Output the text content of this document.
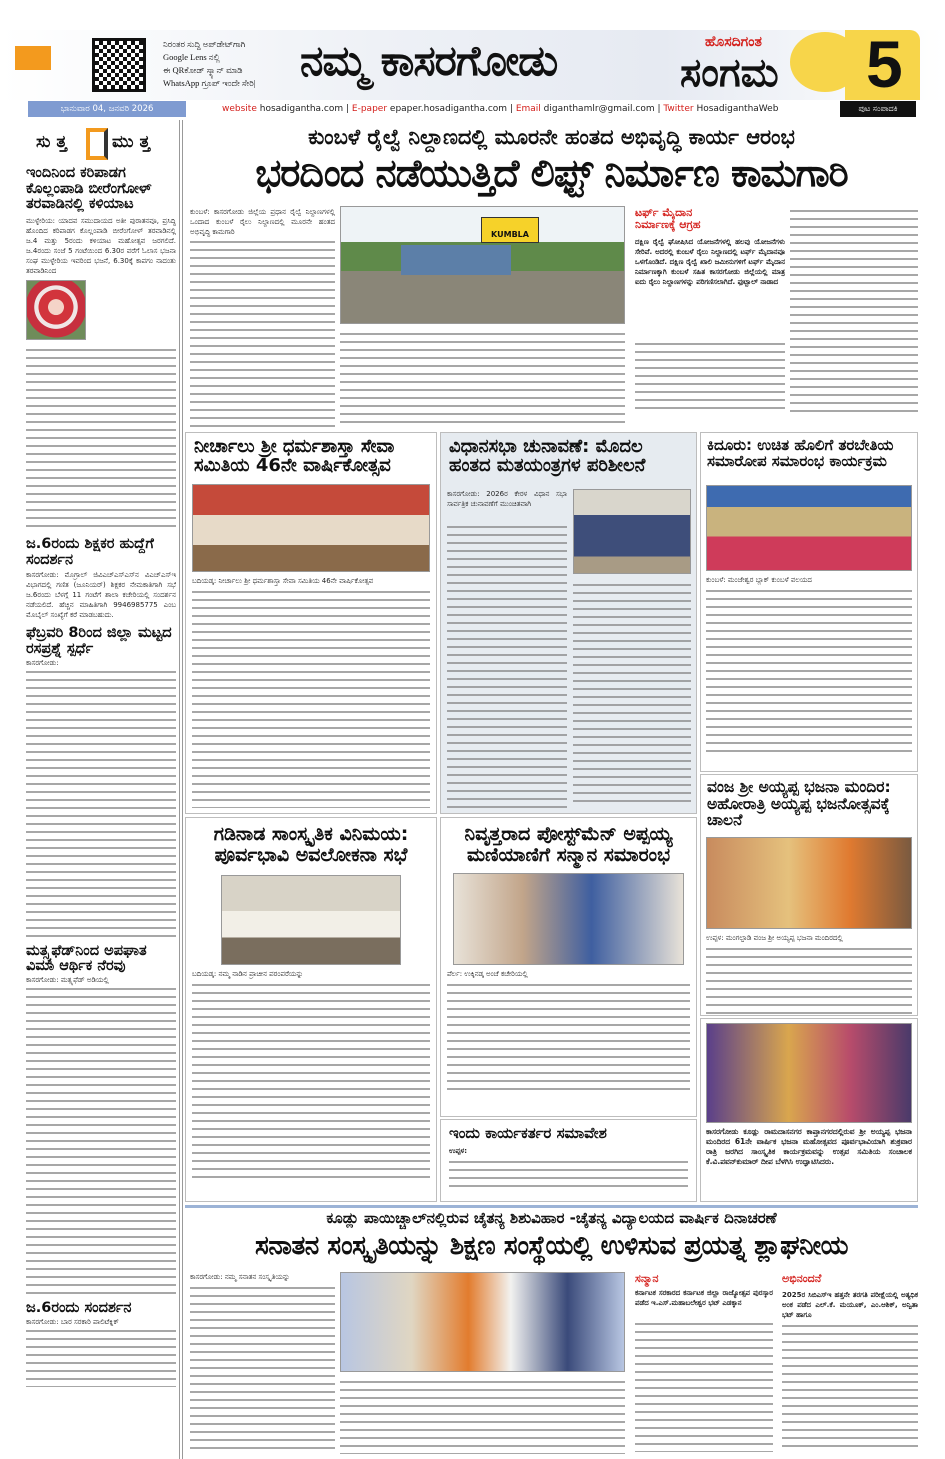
ನಿರಂತರ ಸುದ್ದಿ ಅಪ್‌ಡೇಟ್‌ಗಾಗಿ
Google Lens ನಲ್ಲಿ
ಈ QRಕೋಡ್ ಸ್ಕ್ಯಾನ್ ಮಾಡಿ
WhatsApp ಗ್ರೂಪ್ ಇಂದೇ ಸೇರಿ| ನಮ್ಮ ಕಾಸರಗೋಡು	ಹೊಸದಿಗಂತ
ಸಂಗಮ 5
ಭಾನುವಾರ 04, ಜನವರಿ 2026	website hosadigantha.com | E-paper epaper.hosadigantha.com | Email diganthamlr@gmail.com | Twitter HosadiganthaWeb	ಪುಟ ಸಂಪಾದಕಿ
ಸು ತ್ತ	ಮು ತ್ತ
ಇಂದಿನಿಂದ ಕರಿಪಾಡಗ ಕೊಲ್ಲಂಪಾಡಿ ಬೀರೆಂಗೋಳ್ ತರವಾಡಿನಲ್ಲಿ ಕಳಿಯಾಟ
ಮುಳ್ಳೇರಿಯ: ಯಾದವ ಸಮುದಾಯದ ಅತೀ ಪುರಾತನವೂ, ಪ್ರಸಿದ್ಧಿ ಹೊಂದಿದ ಕರಿಪಾಡಗ ಕೊಲ್ಲಂಪಾಡಿ ಬೀರೆಂಗೋಳ್ ತರವಾಡಿನಲ್ಲಿ ಜ.4 ಮತ್ತು 5ರಂದು ಕಳಿಯಾಟ ಮಹೋತ್ಸವ ಜರಗಲಿದೆ. ಜ.4ರಂದು ಸಂಜೆ 5 ಗಂಟೆಯಿಂದ 6.30ರ ವರೆಗೆ ಓಲಾಸ ಭಜನಾ ಸಂಘ ಮುಳ್ಳೇರಿಯ ಇವರಿಂದ ಭಜನೆ, 6.30ಕ್ಕೆ ಕಾಪಗಂ ನಾದಂತು ತರವಾಡಿನಿಂದ
ಜ.6ರಂದು ಶಿಕ್ಷಕರ ಹುದ್ದೆಗೆ ಸಂದರ್ಶನ
ಕಾಸರಗೋಡು: ಮೊಗ್ರಾಲ್ ಜಿವಿಎಚ್‌ಎಸ್‌ಎಸ್‌ನ ವಿಎಚ್‌ಎಸ್‌ಇ ವಿಭಾಗದಲ್ಲಿ ಗಣಿತ (ಜೂನಿಯರ್) ಶಿಕ್ಷಕರ ನೇಮಕಾತಿಗಾಗಿ ಸಭೆ ಜ.6ರಂದು ಬೆಳಗ್ಗೆ 11 ಗಂಟೆಗೆ ಶಾಲಾ ಕಚೇರಿಯಲ್ಲಿ ಸಂದರ್ಶನ ನಡೆಯಲಿದೆ. ಹೆಚ್ಚಿನ ಮಾಹಿತಿಗಾಗಿ 9946985775 ಎಂಬ ಮೊಬೈಲ್ ಸಂಖ್ಯೆಗೆ ಕರೆ ಮಾಡಬಹುದು.
ಫೆಬ್ರವರಿ 8ರಿಂದ ಜಿಲ್ಲಾ ಮಟ್ಟದ ರಸಪ್ರಶ್ನೆ ಸ್ಪರ್ಧೆ
ಕಾಸರಗೋಡು:
ಮತ್ಸ್ಯಫೆಡ್‌ನಿಂದ ಅಪಘಾತ ವಿಮಾ ಆರ್ಥಿಕ ನೆರವು
ಕಾಸರಗೋಡು: ಮತ್ಸ್ಯಫೆಡ್ ಅಡಿಯಲ್ಲಿ
ಜ.6ರಂದು ಸಂದರ್ಶನ
ಕಾಸರಗೋಡು: ಬಾರ ಸರಕಾರಿ ಪಾಲಿಟೆಕ್ನಿಕ್
ಕುಂಬಳೆ ರೈಲ್ವೆ ನಿಲ್ದಾಣದಲ್ಲಿ ಮೂರನೇ ಹಂತದ ಅಭಿವೃದ್ಧಿ ಕಾರ್ಯ ಆರಂಭ
ಭರದಿಂದ ನಡೆಯುತ್ತಿದೆ ಲಿಫ್ಟ್ ನಿರ್ಮಾಣ ಕಾಮಗಾರಿ
ಕುಂಬಳೆ: ಕಾಸರಗೋಡು ಜಿಲ್ಲೆಯ ಪ್ರಧಾನ ರೈಲ್ವೆ ನಿಲ್ದಾಣಗಳಲ್ಲಿ ಒಂದಾದ ಕುಂಬಳೆ ರೈಲು ನಿಲ್ದಾಣದಲ್ಲಿ ಮೂರನೇ ಹಂತದ ಅಭಿವೃದ್ಧಿ ಕಾಮಗಾರಿ	KUMBLA
ಟರ್ಫ್ ಮೈದಾನ ನಿರ್ಮಾಣಕ್ಕೆ ಆಗ್ರಹ
ದಕ್ಷಿಣ ರೈಲ್ವೆ ಘೋಷಿಸಿದ ಯೋಜನೆಗಳಲ್ಲಿ ಹಲವು ಯೋಜನೆಗಳು ಸೇರಿವೆ. ಅದರಲ್ಲಿ ಕುಂಬಳೆ ರೈಲು ನಿಲ್ದಾಣದಲ್ಲಿ ಟರ್ಫ್ ಮೈದಾನವೂ ಒಳಗೊಂಡಿದೆ. ದಕ್ಷಿಣ ರೈಲ್ವೆ ಖಾಲಿ ಜಮೀನುಗಳಿಗೆ ಟರ್ಫ್ ಮೈದಾನ ನಿರ್ಮಾಣಕ್ಕಾಗಿ ಕುಂಬಳೆ ಸಹಿತ ಕಾಸರಗೋಡು ಜಿಲ್ಲೆಯಲ್ಲಿ ಮಾತ್ರ ಐದು ರೈಲು ನಿಲ್ದಾಣಗಳನ್ನು ಪರಿಗಣಿಸಲಾಗಿದೆ. ಫುಟ್ಬಾಲ್ ನಾಡಾದ
ನೀರ್ಚಾಲು ಶ್ರೀ ಧರ್ಮಶಾಸ್ತಾ ಸೇವಾ ಸಮಿತಿಯ 46ನೇ ವಾರ್ಷಿಕೋತ್ಸವ
ಬದಿಯಡ್ಕ: ನೀರ್ಚಾಲು ಶ್ರೀ ಧರ್ಮಶಾಸ್ತಾ ಸೇವಾ ಸಮಿತಿಯ 46ನೇ ವಾರ್ಷಿಕೋತ್ಸವ
ವಿಧಾನಸಭಾ ಚುನಾವಣೆ: ಮೊದಲ ಹಂತದ ಮತಯಂತ್ರಗಳ ಪರಿಶೀಲನೆ
ಕಾಸರಗೋಡು: 2026ರ ಕೇರಳ ವಿಧಾನ ಸಭಾ ಸಾರ್ವತ್ರಿಕ ಚುನಾವಣೆಗೆ ಮುಂಚಿತವಾಗಿ
ಕಿದೂರು: ಉಚಿತ ಹೊಲಿಗೆ ತರಬೇತಿಯ ಸಮಾರೋಪ ಸಮಾರಂಭ ಕಾರ್ಯಕ್ರಮ
ಕುಂಬಳೆ: ಮಂಜೇಶ್ವರ ಬ್ಲಾಕ್ ಕುಂಬಳೆ ವಲಯದ
ವಂಜ ಶ್ರೀ ಅಯ್ಯಪ್ಪ ಭಜನಾ ಮಂದಿರ: ಅಹೋರಾತ್ರಿ ಅಯ್ಯಪ್ಪ ಭಜನೋತ್ಸವಕ್ಕೆ ಚಾಲನೆ
ಉಪ್ಪಳ: ಮಂಗಲ್ಪಾಡಿ ವಂಜ ಶ್ರೀ ಅಯ್ಯಪ್ಪ ಭಜನಾ ಮಂದಿರದಲ್ಲಿ
ಗಡಿನಾಡ ಸಾಂಸ್ಕೃತಿಕ ವಿನಿಮಯ: ಪೂರ್ವಭಾವಿ ಅವಲೋಕನಾ ಸಭೆ
ಬದಿಯಡ್ಕ: ನಮ್ಮ ನಾಡಿನ ಪ್ರಾಚೀನ ಪರಂಪರೆಯನ್ನು
ನಿವೃತ್ತರಾದ ಪೋಸ್ಟ್‌ಮೆನ್ ಅಪ್ಪಯ್ಯ ಮಣಿಯಾಣಿಗೆ ಸನ್ಮಾನ ಸಮಾರಂಭ
ಪೆರ್ಲ: ಉಕ್ಕಿನಡ್ಕ ಅಂಚೆ ಕಚೇರಿಯಲ್ಲಿ
ಇಂದು ಕಾರ್ಯಕರ್ತರ ಸಮಾವೇಶ
ಉಪ್ಪಳ:
ಕಾಸರಗೋಡು ಕೂಡ್ಲು ರಾಮದಾಸನಗರ ಕಾಪ್ತಾನಗರದಲ್ಲಿರುವ ಶ್ರೀ ಅಯ್ಯಪ್ಪ ಭಜನಾ ಮಂದಿರದ 61ನೇ ವಾರ್ಷಿಕ ಭಜನಾ ಮಹೋತ್ಸವದ ಪೂರ್ವಭಾವಿಯಾಗಿ ಶುಕ್ರವಾರ ರಾತ್ರಿ ಜರಗಿದ ಸಾಂಸ್ಕೃತಿಕ ಕಾರ್ಯಕ್ರಮವನ್ನು ಉತ್ಸವ ಸಮಿತಿಯ ಸಂಚಾಲಕ ಕೆ.ವಿ.ಪವನ್‌ಕುಮಾರ್ ದೀಪ ಬೆಳಗಿಸಿ ಉದ್ಘಾಟಿಸಿದರು.
ಕೂಡ್ಲು ಪಾಯಿಚ್ಚಾಲ್‌ನಲ್ಲಿರುವ ಚೈತನ್ಯ ಶಿಶುವಿಹಾರ -ಚೈತನ್ಯ ವಿದ್ಯಾಲಯದ ವಾರ್ಷಿಕ ದಿನಾಚರಣೆ
ಸನಾತನ ಸಂಸ್ಕೃತಿಯನ್ನು ಶಿಕ್ಷಣ ಸಂಸ್ಥೆಯಲ್ಲಿ ಉಳಿಸುವ ಪ್ರಯತ್ನ ಶ್ಲಾಘನೀಯ
ಕಾಸರಗೋಡು: ನಮ್ಮ ಸನಾತನ ಸಂಸ್ಕೃತಿಯನ್ನು	ಸನ್ಮಾನ
ಕರ್ನಾಟಕ ಸರಕಾರದ ಕರ್ನಾಟಕ ಜಿಲ್ಲಾ ರಾಜ್ಯೋತ್ಸವ ಪುರಸ್ಕಾರ ಪಡೆದ ಇ.ಎಸ್.ಮಹಾಬಲೇಶ್ವರ ಭಟ್ ಎಡಕ್ಕಾನ
ಅಭಿನಂದನೆ
2025ರ ಸಿಬಿಎಸ್‌ಇ ಹತ್ತನೇ ತರಗತಿ ಪರೀಕ್ಷೆಯಲ್ಲಿ ಅತ್ಯಧಿಕ ಅಂಕ ಪಡೆದ ಎಲ್.ಕೆ. ಮಯೂಕ್, ಎಂ.ಆಶಿಕ್, ಅನ್ವಿತಾ ಭಟ್ ಹಾಗೂ
